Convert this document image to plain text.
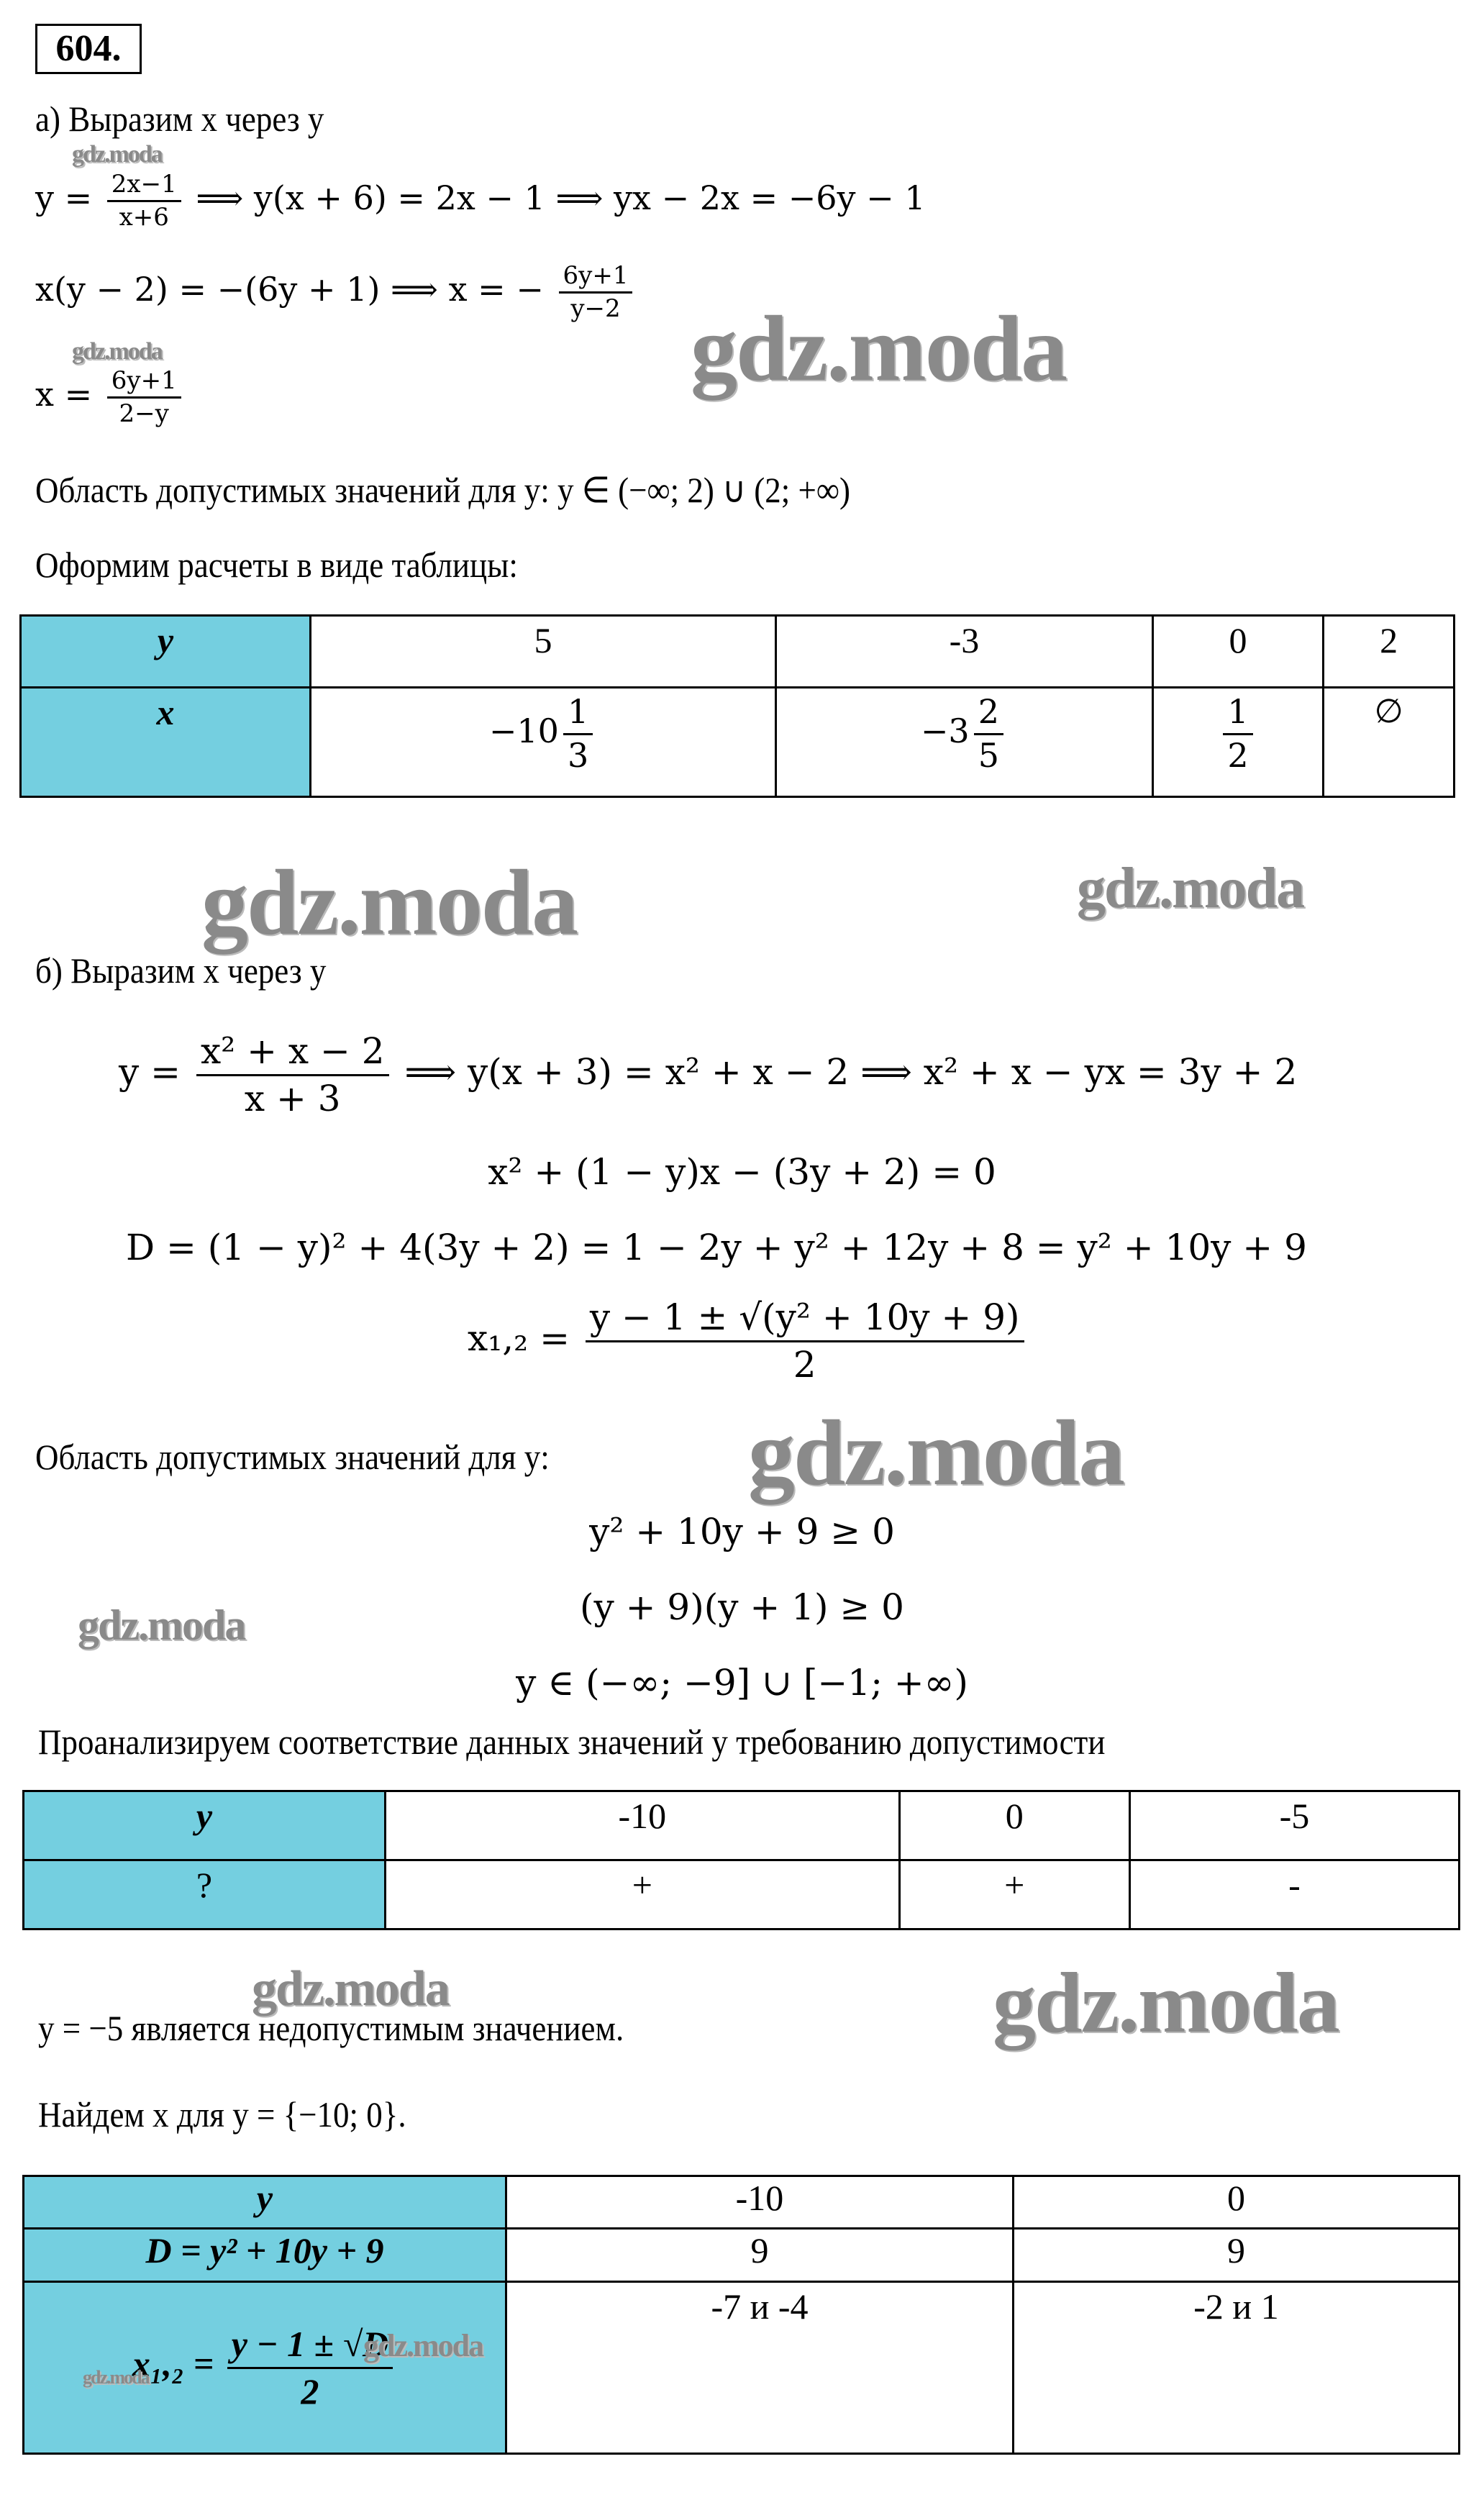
604.
а) Выразим x через y
gdz.moda
$y = \frac{2x-1}{x+6}$ ⟹ y(x + 6) = 2x − 1 ⟹ yx − 2x = −6y − 1
x(y − 2) = −(6y + 1) ⟹ x = − $\frac{6y+1}{y-2}$
gdz.moda
$x = \frac{6y+1}{2-y}$	gdz.moda
Область допустимых значений для y: y ∈ (−∞; 2) ∪ (2; +∞)
Оформим расчеты в виде таблицы:
y	5	-3	0	2
x	$-10 \frac{1}{3}$	$-3 \frac{2}{5}$	$\frac{1}{2}$	∅
gdz.moda	gdz.moda
б) Выразим x через y
$y = \frac{\text{x² + x − 2}}{x + 3}$ ⟹ y(x + 3) = x² + x − 2 ⟹ x² + x − yx = 3y + 2
x² + (1 − y)x − (3y + 2) = 0
D = (1 − y)² + 4(3y + 2) = 1 − 2y + y² + 12y + 8 = y² + 10y + 9
$x_1,_2 = \frac{\text{y − 1 ± √(y² + 10y + 9)}}{2}$
Область допустимых значений для y: gdz.moda
y² + 10y + 9 ≥ 0
(y + 9)(y + 1) ≥ 0
gdz.moda
y ∈ (−∞; −9] ∪ [−1; +∞)
Проанализируем соответствие данных значений y требованию допустимости
y	-10	0	-5
?	+	+	-
gdz.moda
y = −5 является недопустимым значением.	gdz.moda
Найдем x для y = {−10; 0}.
y	-10	0
D = y² + 10y + 9	9	9
$x_1,_2 = \frac{y - 1 \pm √D}{2}$	-7 и -4	-2 и 1
gdz.moda
gdz.moda
